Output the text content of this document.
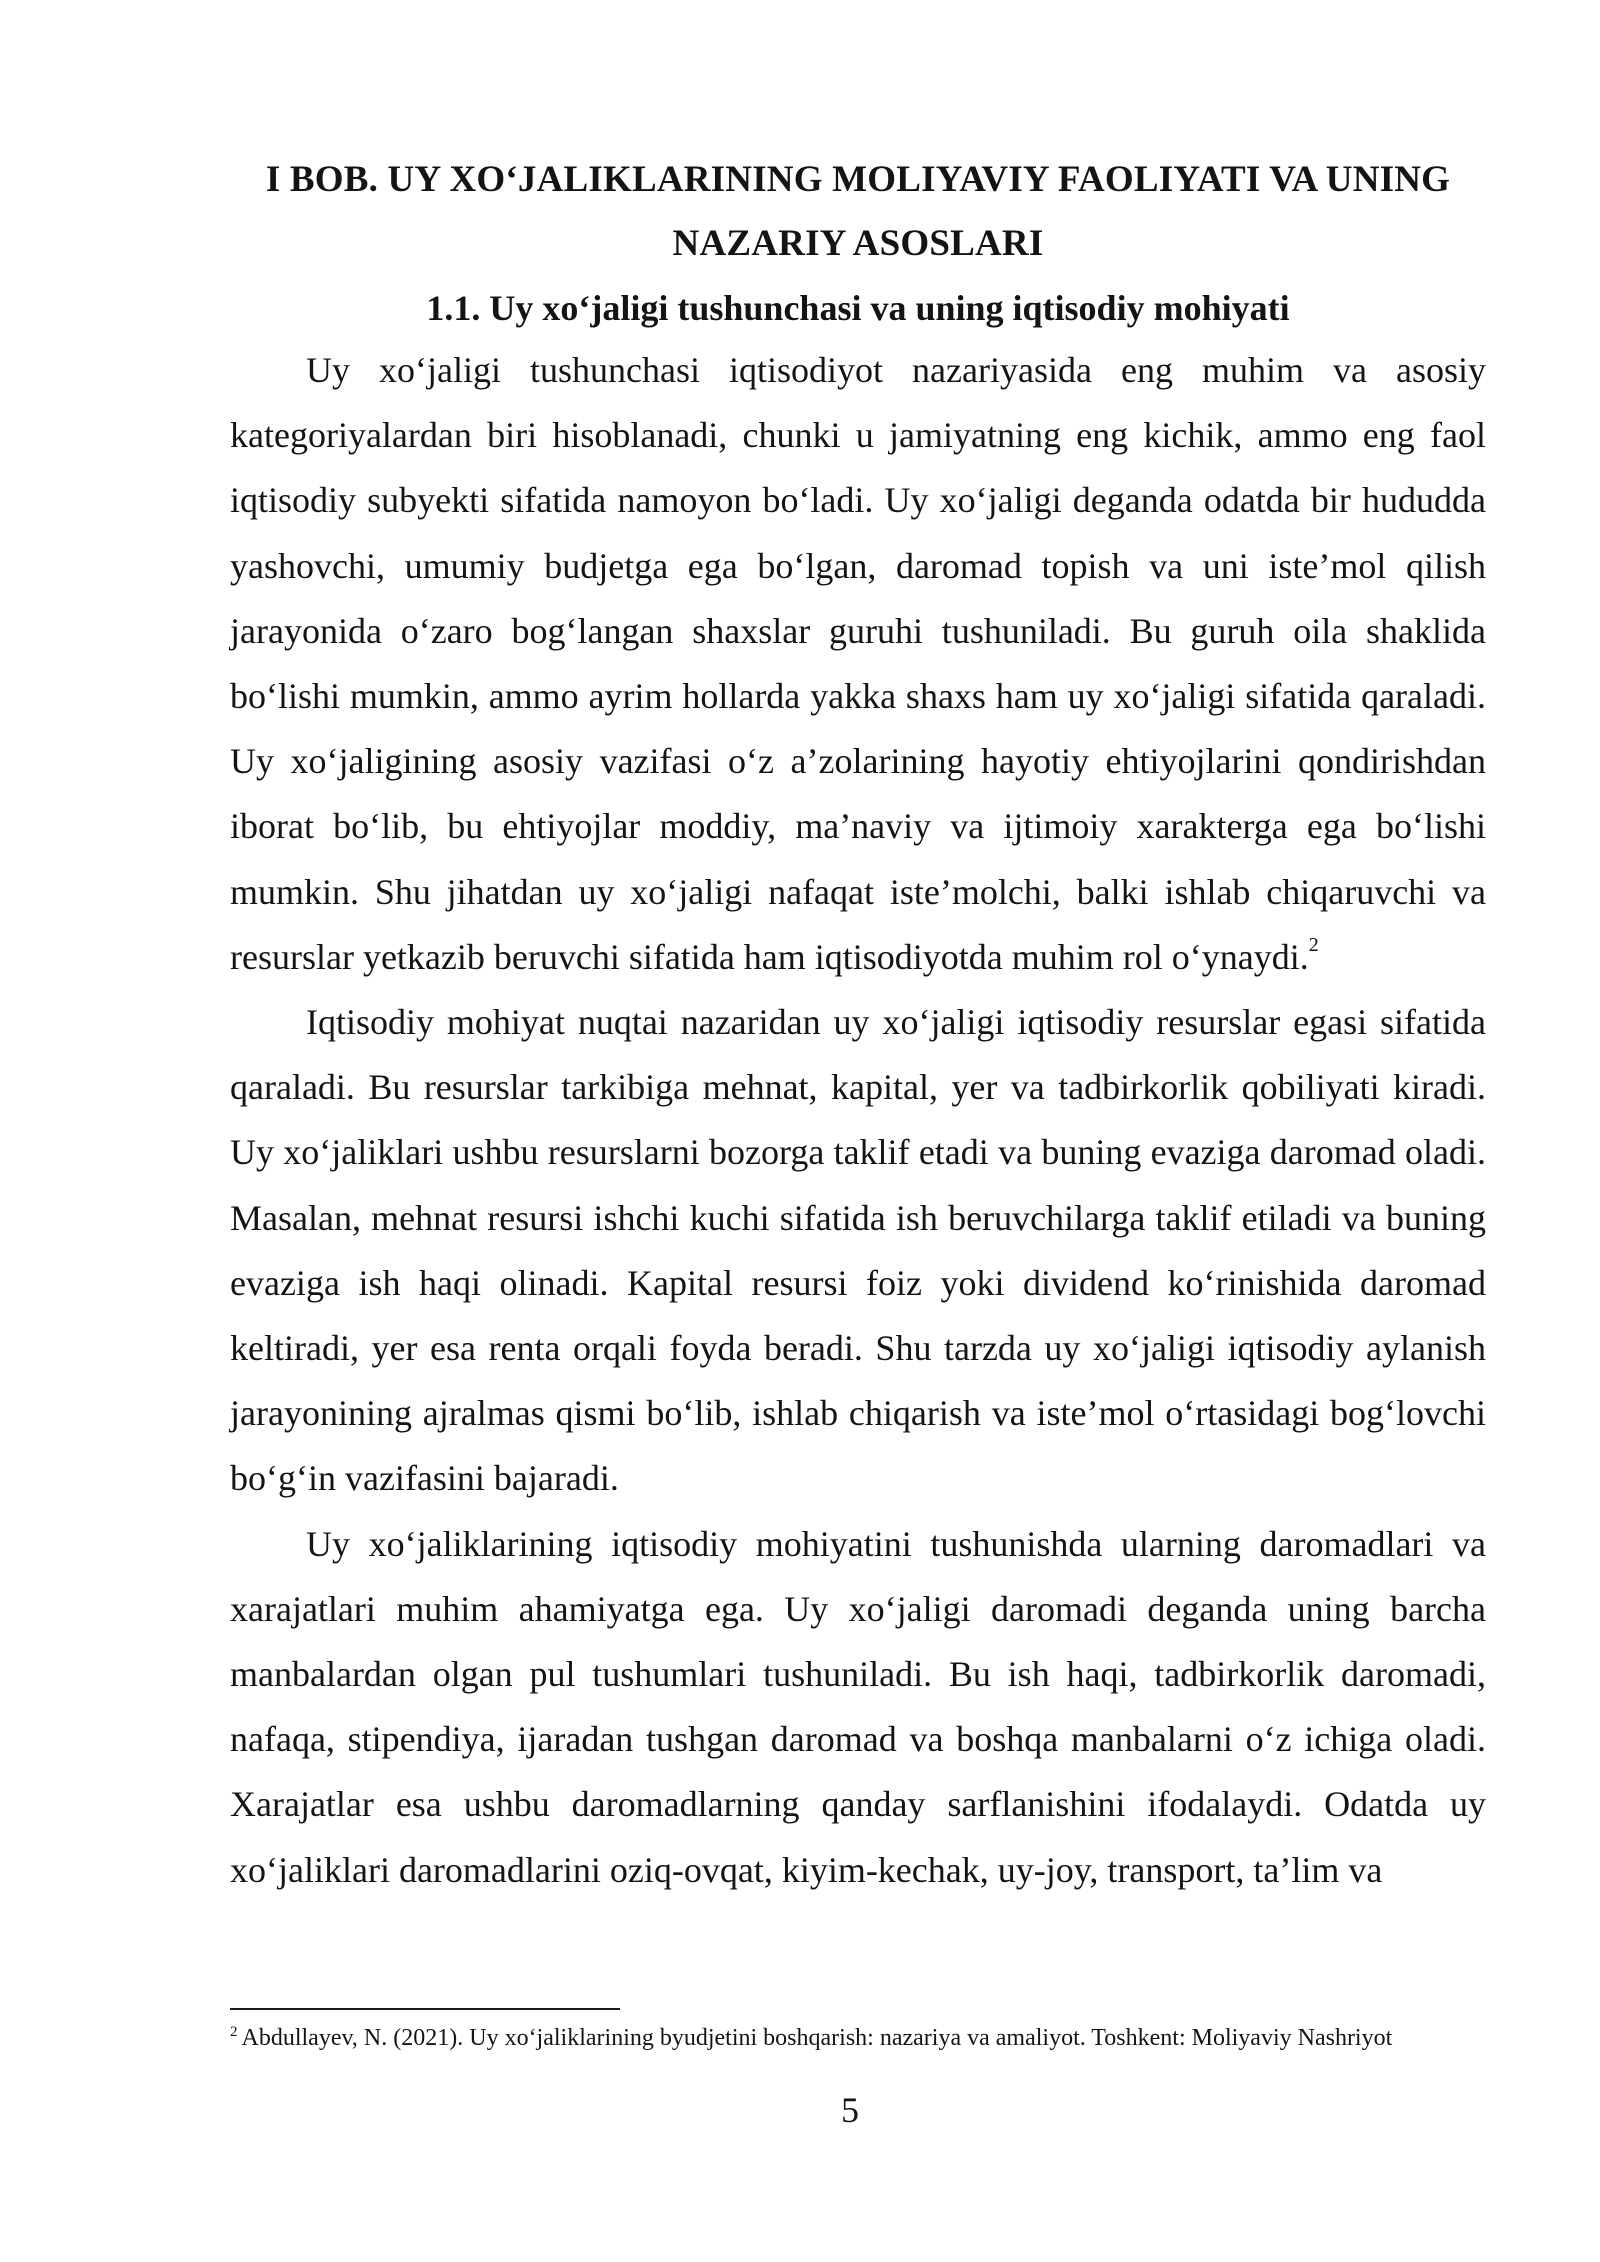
I BOB. UY XO‘JALIKLARINING MOLIYAVIY FAOLIYATI VA UNING NAZARIY ASOSLARI
1.1. Uy xo‘jaligi tushunchasi va uning iqtisodiy mohiyati

Uy xo‘jaligi tushunchasi iqtisodiyot nazariyasida eng muhim va asosiy kategoriyalardan biri hisoblanadi, chunki u jamiyatning eng kichik, ammo eng faol iqtisodiy subyekti sifatida namoyon bo‘ladi. Uy xo‘jaligi deganda odatda bir hududda yashovchi, umumiy budjetga ega bo‘lgan, daromad topish va uni iste’mol qilish jarayonida o‘zaro bog‘langan shaxslar guruhi tushuniladi. Bu guruh oila shaklida bo‘lishi mumkin, ammo ayrim hollarda yakka shaxs ham uy xo‘jaligi sifatida qaraladi. Uy xo‘jaligining asosiy vazifasi o‘z a’zolarining hayotiy ehtiyojlarini qondirishdan iborat bo‘lib, bu ehtiyojlar moddiy, ma’naviy va ijtimoiy xarakterga ega bo‘lishi mumkin. Shu jihatdan uy xo‘jaligi nafaqat iste’molchi, balki ishlab chiqaruvchi va resurslar yetkazib beruvchi sifatida ham iqtisodiyotda muhim rol o‘ynaydi.$^2$

Iqtisodiy mohiyat nuqtai nazaridan uy xo‘jaligi iqtisodiy resurslar egasi sifatida qaraladi. Bu resurslar tarkibiga mehnat, kapital, yer va tadbirkorlik qobiliyati kiradi. Uy xo‘jaliklari ushbu resurslarni bozorga taklif etadi va buning evaziga daromad oladi. Masalan, mehnat resursi ishchi kuchi sifatida ish beruvchilarga taklif etiladi va buning evaziga ish haqi olinadi. Kapital resursi foiz yoki dividend ko‘rinishida daromad keltiradi, yer esa renta orqali foyda beradi. Shu tarzda uy xo‘jaligi iqtisodiy aylanish jarayonining ajralmas qismi bo‘lib, ishlab chiqarish va iste’mol o‘rtasidagi bog‘lovchi bo‘g‘in vazifasini bajaradi.

Uy xo‘jaliklarining iqtisodiy mohiyatini tushunishda ularning daromadlari va xarajatlari muhim ahamiyatga ega. Uy xo‘jaligi daromadi deganda uning barcha manbalardan olgan pul tushumlari tushuniladi. Bu ish haqi, tadbirkorlik daromadi, nafaqa, stipendiya, ijaradan tushgan daromad va boshqa manbalarni o‘z ichiga oladi. Xarajatlar esa ushbu daromadlarning qanday sarflanishini ifodalaydi. Odatda uy xo‘jaliklari daromadlarini oziq-ovqat, kiyim-kechak, uy-joy, transport, ta’lim va

$^2$ Abdullayev, N. (2021). Uy xo‘jaliklarining byudjetini boshqarish: nazariya va amaliyot. Toshkent: Moliyaviy Nashriyot

5
